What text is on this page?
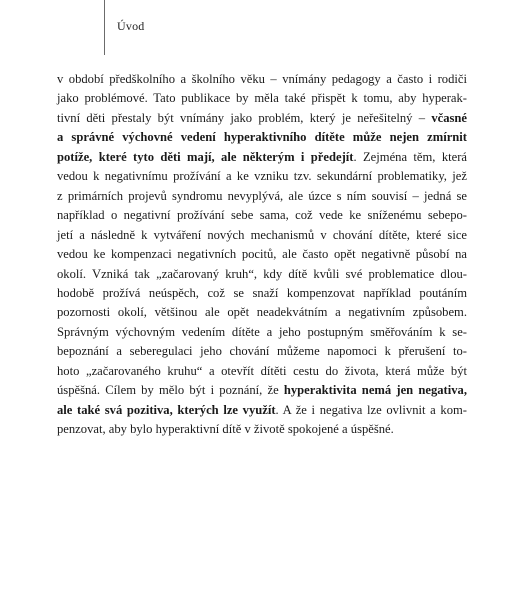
Úvod
v období předškolního a školního věku – vnímány pedagogy a často i rodiči
jako problémové. Tato publikace by měla také přispět k tomu, aby hyperak-
tivní děti přestaly být vnímány jako problém, který je neřešitelný – včasné
a správné výchovné vedení hyperaktivního dítěte může nejen zmírnit
potíže, které tyto děti mají, ale některým i předejít. Zejména těm, která
vedou k negativnímu prožívání a ke vzniku tzv. sekundární problematiky, jež
z primárních projevů syndromu nevyplývá, ale úzce s ním souvisí – jedná se
například o negativní prožívání sebe sama, což vede ke sníženému sebepo-
jetí a následně k vytváření nových mechanismů v chování dítěte, které sice
vedou ke kompenzaci negativních pocitů, ale často opět negativně působí na
okolí. Vzniká tak „začarovaný kruh“, kdy dítě kvůli své problematice dlou-
hodobě prožívá neúspěch, což se snaží kompenzovat například poutáním
pozornosti okolí, většinou ale opět neadekvátním a negativním způsobem.
Správným výchovným vedením dítěte a jeho postupným směřováním k se-
bepoznání a seberegulaci jeho chování můžeme napomoci k přerušení to-
hoto „začarovaného kruhu“ a otevřít dítěti cestu do života, která může být
úspěšná. Cílem by mělo být i poznání, že hyperaktivita nemá jen negativa,
ale také svá pozitiva, kterých lze využít. A že i negativa lze ovlivnit a kom-
penzovat, aby bylo hyperaktivní dítě v životě spokojené a úspěšné.
